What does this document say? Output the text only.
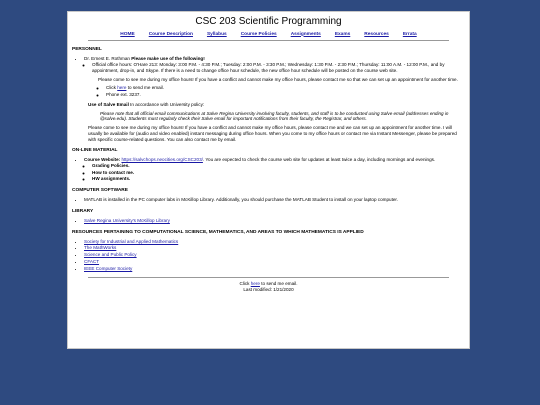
CSC 203 Scientific Programming
HOME	Course Description	Syllabus	Course Policies	Assignments	Exams	Resources	Errata
PERSONNEL
• Dr. Ernest E. Rothman Please make use of the following!
◦ Official office hours: O'Hare 213: Monday: 3:00 P.M. - 4:30 P.M.; Tuesday: 2:00 P.M. - 3:30 P.M.; Wednesday: 1:30 P.M. - 2:30 P.M.; Thursday: 11:00 A.M. - 12:00 P.M., and by appointment, drop-in, and Skype. If there is a need to change office hour schedule, the new office hour schedule will be posted on the course web site.
Please come to see me during my office hours! If you have a conflict and cannot make my office hours, please contact me so that we can set up an appointment for another time.
◦ Click here to send me email.
◦ Phone ext. 3237.
Use of Salve Email In accordance with University policy:
Please note that all official email communications at Salve Regina University involving faculty, students, and staff is to be conducted using Salve email (addresses ending in @salve.edu). Students must regularly check their Salve email for important notifications from their faculty, the Registrar, and others.
Please come to see me during my office hours! If you have a conflict and cannot make my office hours, please contact me and we can set up an appointment for another time. I will usually be available for (audio and video enabled) instant messaging during office hours. When you come to my office hours or contact me via Instant Messenger, please be prepared with specific course-related questions. You can also contact me by email.
ON-LINE MATERIAL
• Course Website: https://salvchops.neocities.org/CSC203/. You are expected to check the course web site for updates at least twice a day, including mornings and evenings.
◦ Grading Policies.
◦ How to contact me.
◦ HW assignments.
COMPUTER SOFTWARE
• MATLAB is installed in the PC computer labs in McKillop Library. Additionally, you should purchase the MATLAB Student to install on your laptop computer.
LIBRARY
• Salve Regina University's McKillop Library
RESOURCES PERTAINING TO COMPUTATIONAL SCIENCE, MATHEMATICS, AND AREAS TO WHICH MATHEMATICS IS APPLIED
• Society for Industrial and Applied Mathematics
• The MathWorks
• Science and Public Policy
• CFACT
• IEEE Computer Society
Click here to send me email.
Last modified: 1/21/2020
